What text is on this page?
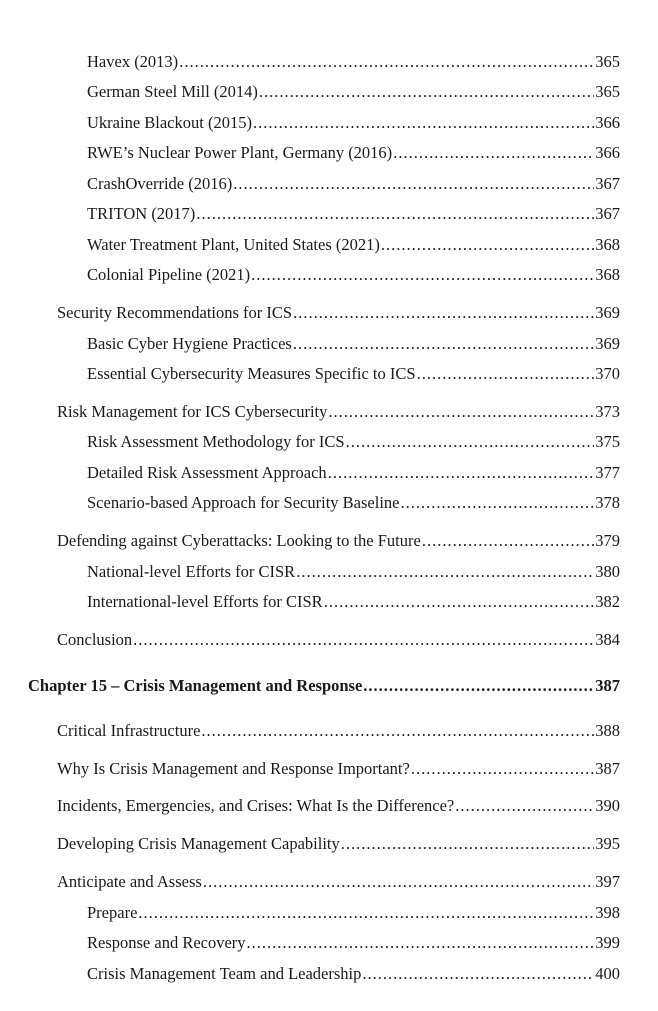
Havex (2013) .....	365
German Steel Mill (2014) .....	365
Ukraine Blackout (2015) .....	366
RWE’s Nuclear Power Plant, Germany (2016) .....	366
CrashOverride (2016) .....	367
TRITON (2017) .....	367
Water Treatment Plant, United States (2021) .....	368
Colonial Pipeline (2021) .....	368
Security Recommendations for ICS .....	369
Basic Cyber Hygiene Practices .....	369
Essential Cybersecurity Measures Specific to ICS .....	370
Risk Management for ICS Cybersecurity .....	373
Risk Assessment Methodology for ICS .....	375
Detailed Risk Assessment Approach .....	377
Scenario-based Approach for Security Baseline .....	378
Defending against Cyberattacks: Looking to the Future .....	379
National-level Efforts for CISR .....	380
International-level Efforts for CISR .....	382
Conclusion .....	384
Chapter 15 – Crisis Management and Response .....	387
Critical Infrastructure .....	388
Why Is Crisis Management and Response Important? .....	387
Incidents, Emergencies, and Crises: What Is the Difference? .....	390
Developing Crisis Management Capability .....	395
Anticipate and Assess .....	397
Prepare .....	398
Response and Recovery .....	399
Crisis Management Team and Leadership .....	400
